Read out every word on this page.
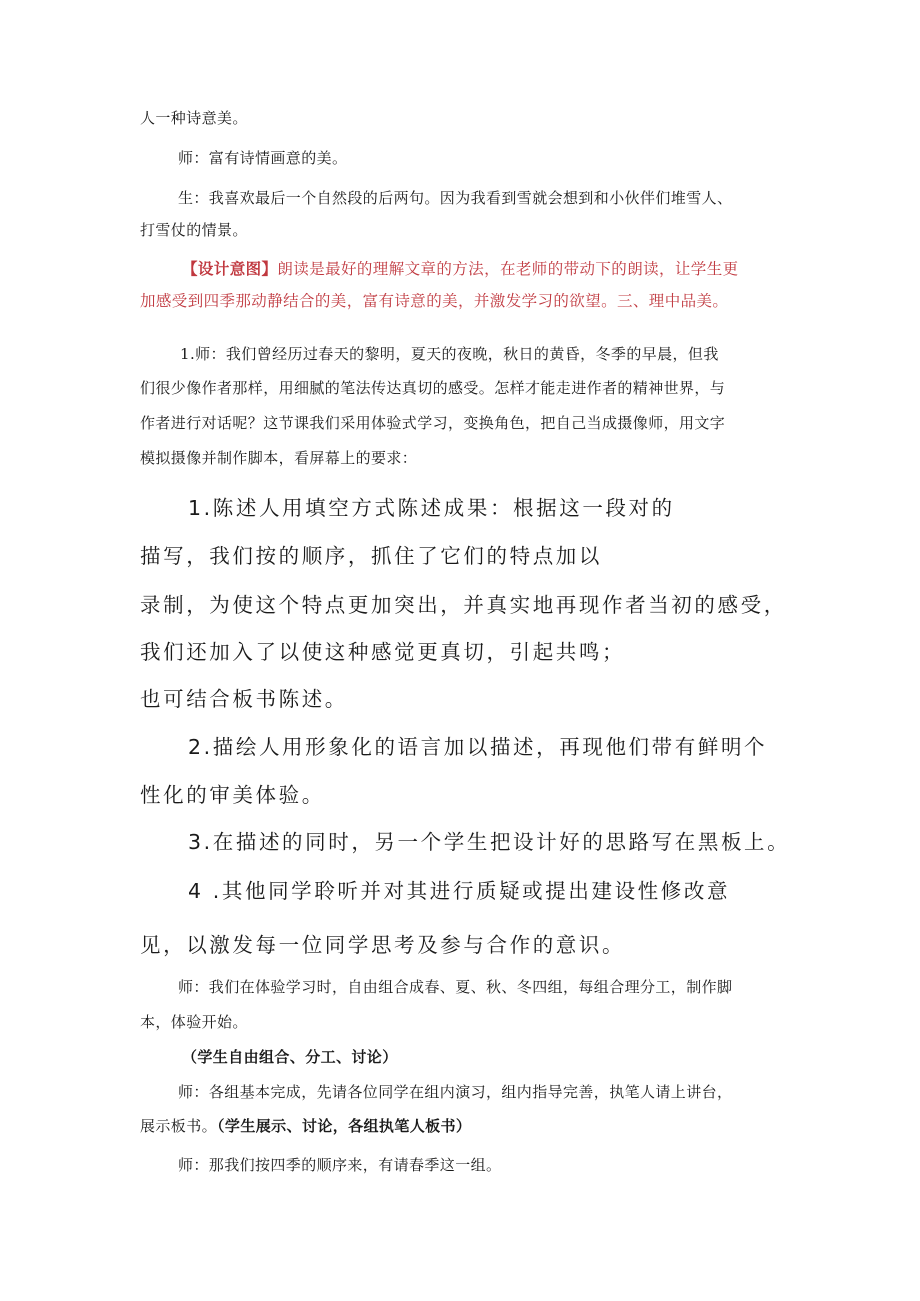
人一种诗意美。

师：富有诗情画意的美。

生：我喜欢最后一个自然段的后两句。因为我看到雪就会想到和小伙伴们堆雪人、

打雪仗的情景。

【设计意图】朗读是最好的理解文章的方法，在老师的带动下的朗读，让学生更

加感受到四季那动静结合的美，富有诗意的美，并激发学习的欲望。三、理中品美。

1.师：我们曾经历过春天的黎明，夏天的夜晚，秋日的黄昏，冬季的早晨，但我

们很少像作者那样，用细腻的笔法传达真切的感受。怎样才能走进作者的精神世界，与

作者进行对话呢？这节课我们采用体验式学习，变换角色，把自己当成摄像师，用文字

模拟摄像并制作脚本，看屏幕上的要求：

1.陈述人用填空方式陈述成果：根据这一段对的

描写，我们按的顺序，抓住了它们的特点加以

录制，为使这个特点更加突出，并真实地再现作者当初的感受，

我们还加入了以使这种感觉更真切，引起共鸣；

也可结合板书陈述。

2.描绘人用形象化的语言加以描述，再现他们带有鲜明个

性化的审美体验。

3.在描述的同时，另一个学生把设计好的思路写在黑板上。

4 .其他同学聆听并对其进行质疑或提出建设性修改意

见，以激发每一位同学思考及参与合作的意识。

师：我们在体验学习时，自由组合成春、夏、秋、冬四组，每组合理分工，制作脚

本，体验开始。

（学生自由组合、分工、讨论）

师：各组基本完成，先请各位同学在组内演习，组内指导完善，执笔人请上讲台，

展示板书。（学生展示、讨论，各组执笔人板书）

师：那我们按四季的顺序来，有请春季这一组。
